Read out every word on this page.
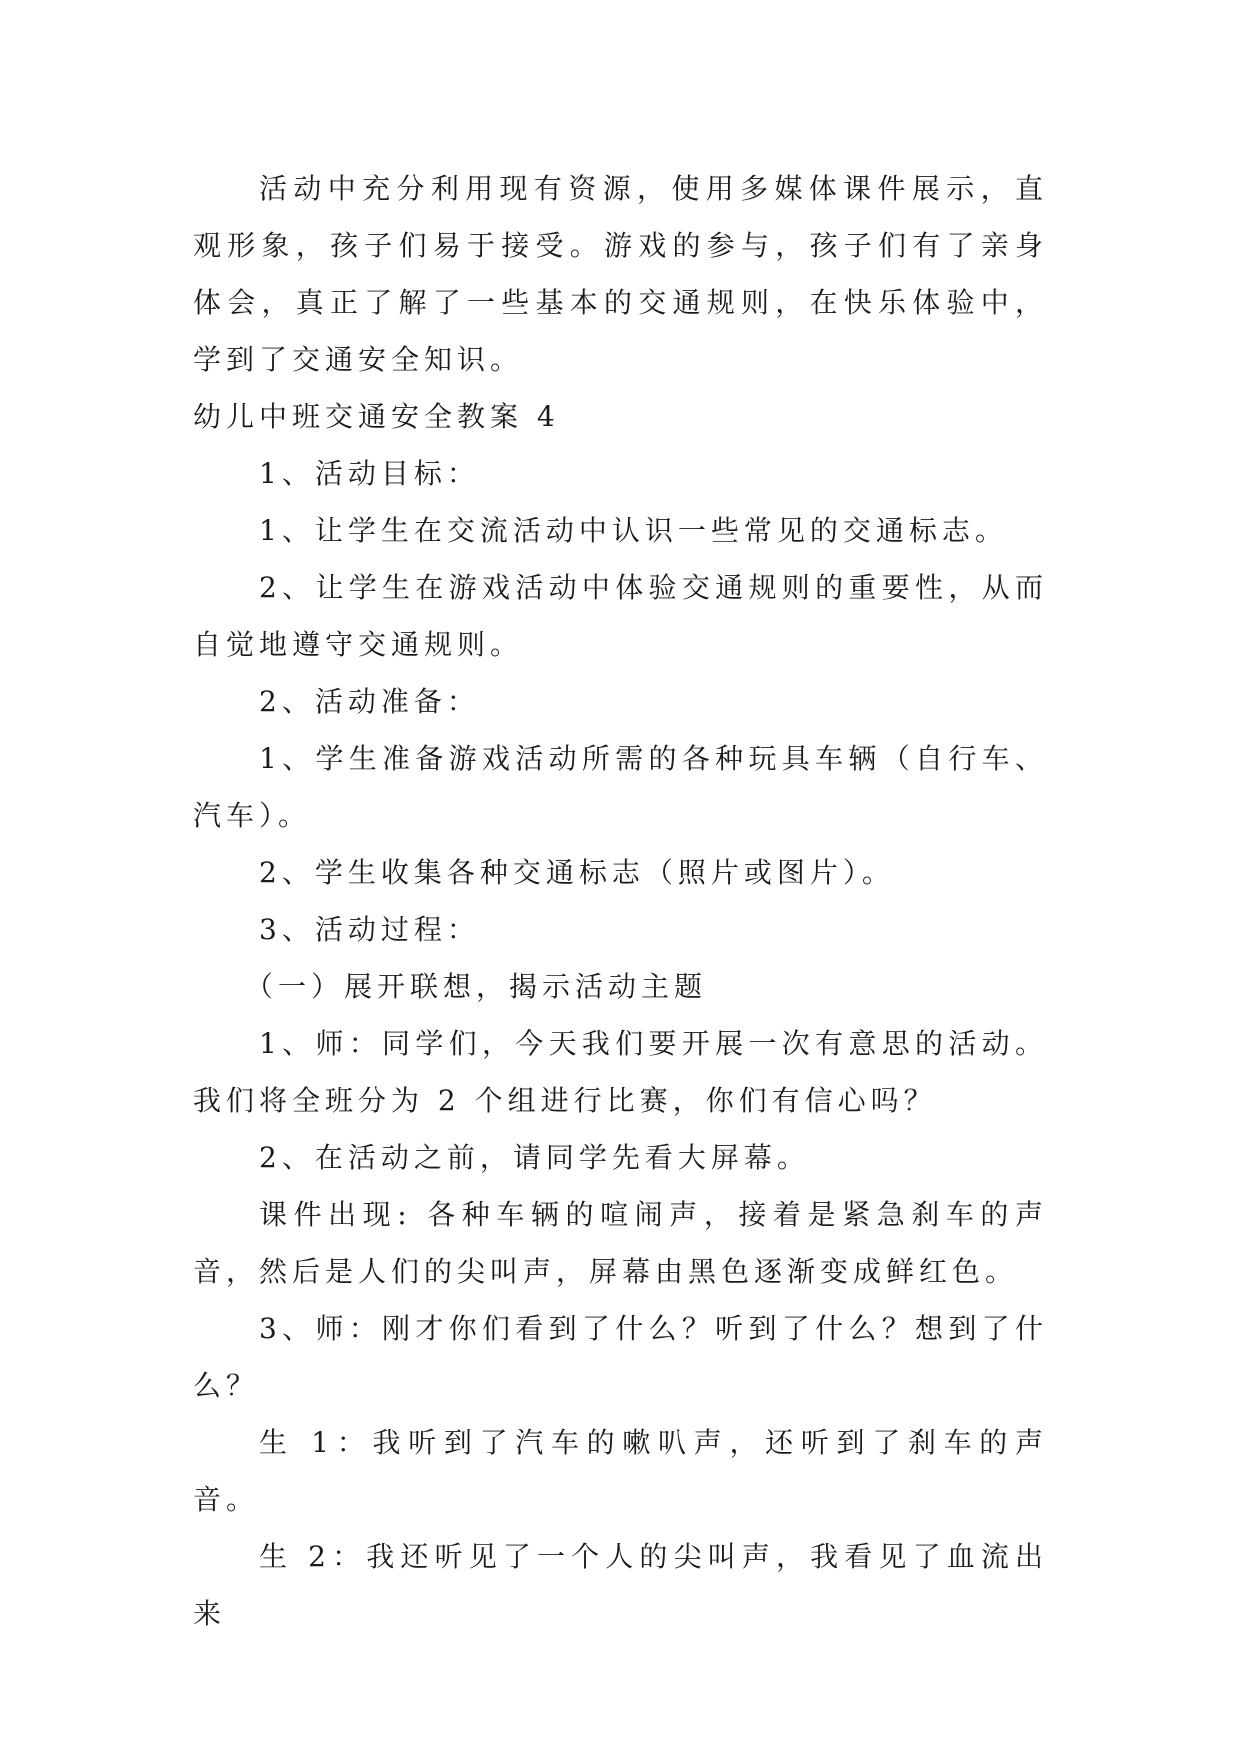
活动中充分利用现有资源，使用多媒体课件展示，直观形象，孩子们易于接受。游戏的参与，孩子们有了亲身体会，真正了解了一些基本的交通规则，在快乐体验中，学到了交通安全知识。

幼儿中班交通安全教案 4

1、活动目标：

1、让学生在交流活动中认识一些常见的交通标志。

2、让学生在游戏活动中体验交通规则的重要性，从而自觉地遵守交通规则。

2、活动准备：

1、学生准备游戏活动所需的各种玩具车辆（自行车、汽车）。

2、学生收集各种交通标志（照片或图片）。

3、活动过程：

（一）展开联想，揭示活动主题

1、师：同学们，今天我们要开展一次有意思的活动。我们将全班分为 2 个组进行比赛，你们有信心吗？

2、在活动之前，请同学先看大屏幕。

课件出现: 各种车辆的喧闹声，接着是紧急刹车的声音，然后是人们的尖叫声，屏幕由黑色逐渐变成鲜红色。

3、师：刚才你们看到了什么？听到了什么？想到了什么？

生 1：我听到了汽车的嗽叭声，还听到了刹车的声音。

生 2：我还听见了一个人的尖叫声，我看见了血流出来
